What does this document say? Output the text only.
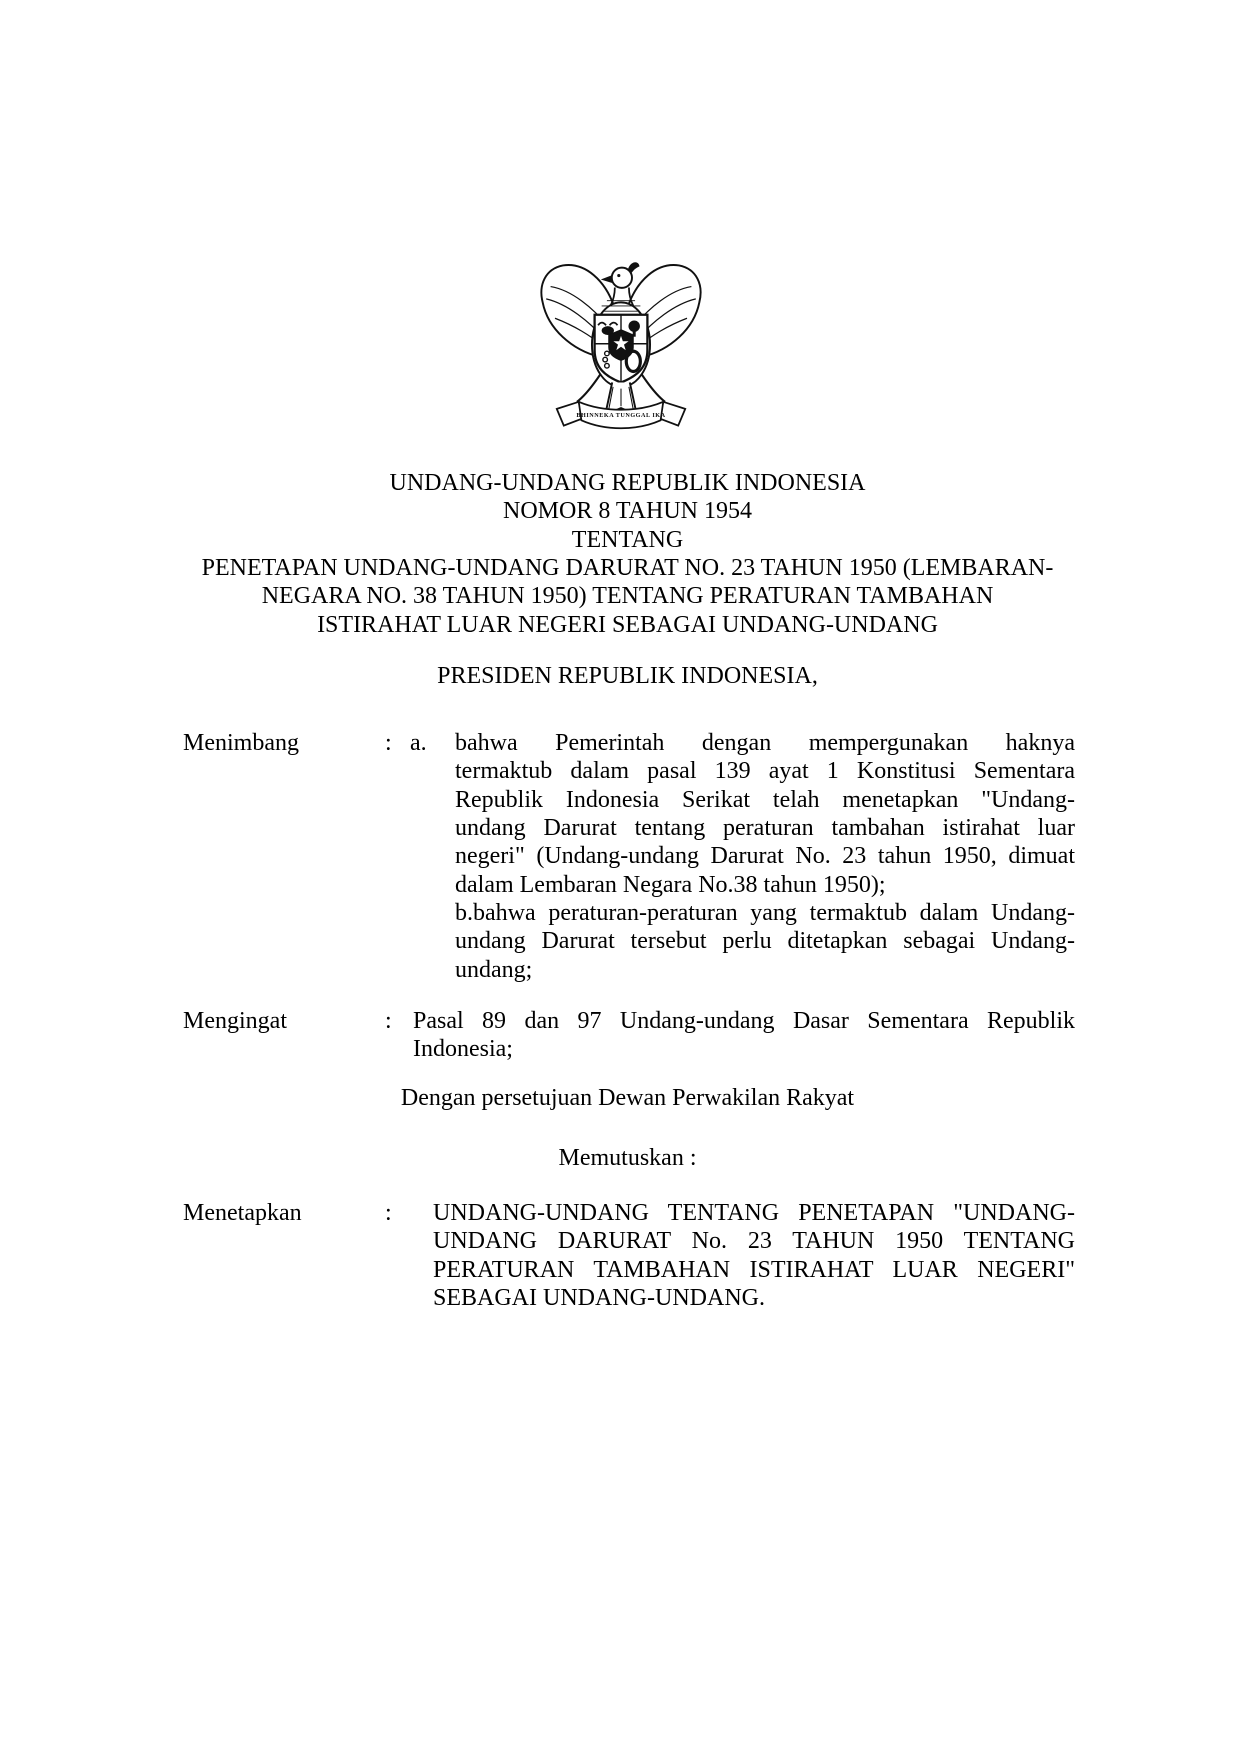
BHINNEKA TUNGGAL IKA
UNDANG-UNDANG REPUBLIK INDONESIA
NOMOR 8 TAHUN 1954
TENTANG
PENETAPAN UNDANG-UNDANG DARURAT NO. 23 TAHUN 1950 (LEMBARAN-
NEGARA NO. 38 TAHUN 1950) TENTANG PERATURAN TAMBAHAN
ISTIRAHAT LUAR NEGERI SEBAGAI UNDANG-UNDANG
PRESIDEN REPUBLIK INDONESIA,
Menimbang	: a. bahwa Pemerintah dengan mempergunakan haknya
termaktub dalam pasal 139 ayat 1 Konstitusi Sementara
Republik Indonesia Serikat telah menetapkan "Undang-
undang Darurat tentang peraturan tambahan istirahat luar
negeri" (Undang-undang Darurat No. 23 tahun 1950, dimuat
dalam Lembaran Negara No.38 tahun 1950);
b.bahwa peraturan-peraturan yang termaktub dalam Undang-
undang Darurat tersebut perlu ditetapkan sebagai Undang-
undang;
Mengingat	: Pasal 89 dan 97 Undang-undang Dasar Sementara Republik
Indonesia;
Dengan persetujuan Dewan Perwakilan Rakyat
Memutuskan :
Menetapkan	: UNDANG-UNDANG TENTANG PENETAPAN "UNDANG-
UNDANG DARURAT No. 23 TAHUN 1950 TENTANG
PERATURAN TAMBAHAN ISTIRAHAT LUAR NEGERI"
SEBAGAI UNDANG-UNDANG.
